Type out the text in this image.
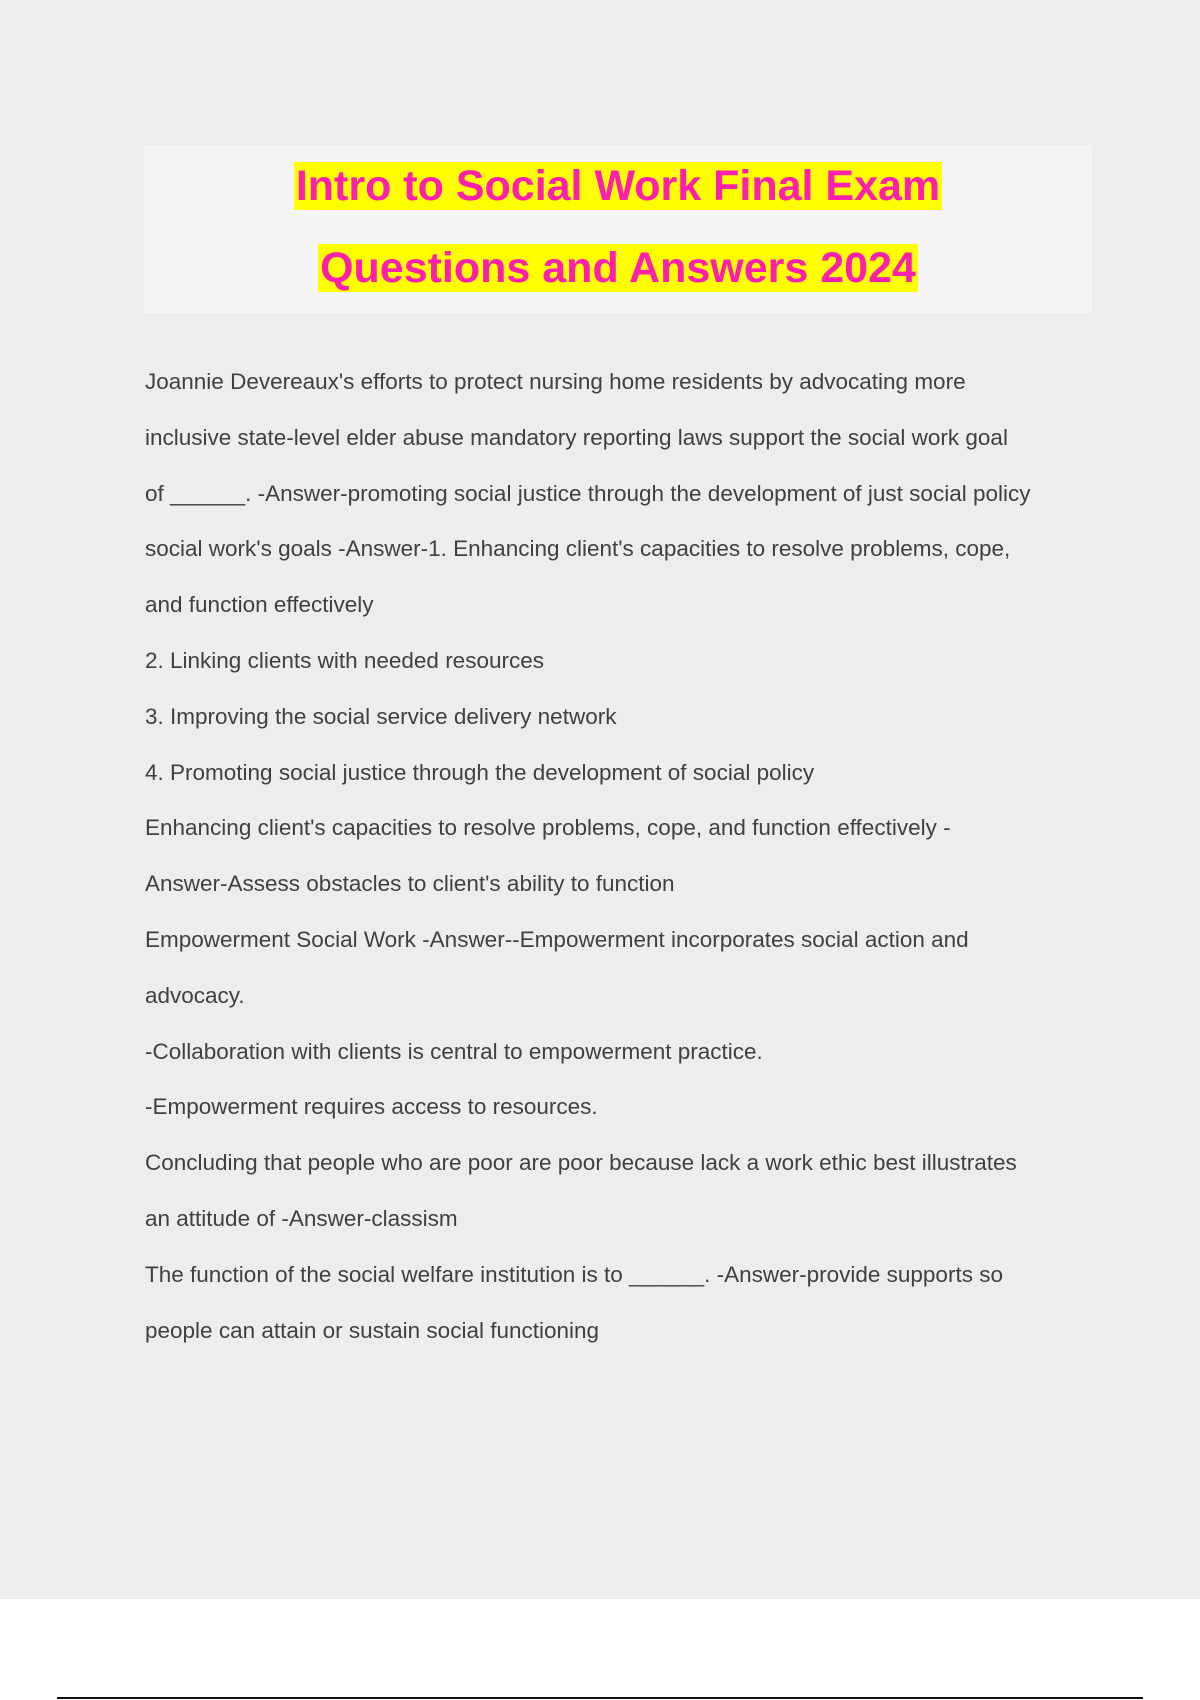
Intro to Social Work Final Exam
Questions and Answers 2024
Joannie Devereaux's efforts to protect nursing home residents by advocating more
inclusive state-level elder abuse mandatory reporting laws support the social work goal
of ______. -Answer-promoting social justice through the development of just social policy
social work's goals -Answer-1. Enhancing client's capacities to resolve problems, cope,
and function effectively
2. Linking clients with needed resources
3. Improving the social service delivery network
4. Promoting social justice through the development of social policy
Enhancing client's capacities to resolve problems, cope, and function effectively -
Answer-Assess obstacles to client's ability to function
Empowerment Social Work -Answer--Empowerment incorporates social action and
advocacy.
-Collaboration with clients is central to empowerment practice.
-Empowerment requires access to resources.
Concluding that people who are poor are poor because lack a work ethic best illustrates
an attitude of -Answer-classism
The function of the social welfare institution is to ______. -Answer-provide supports so
people can attain or sustain social functioning
